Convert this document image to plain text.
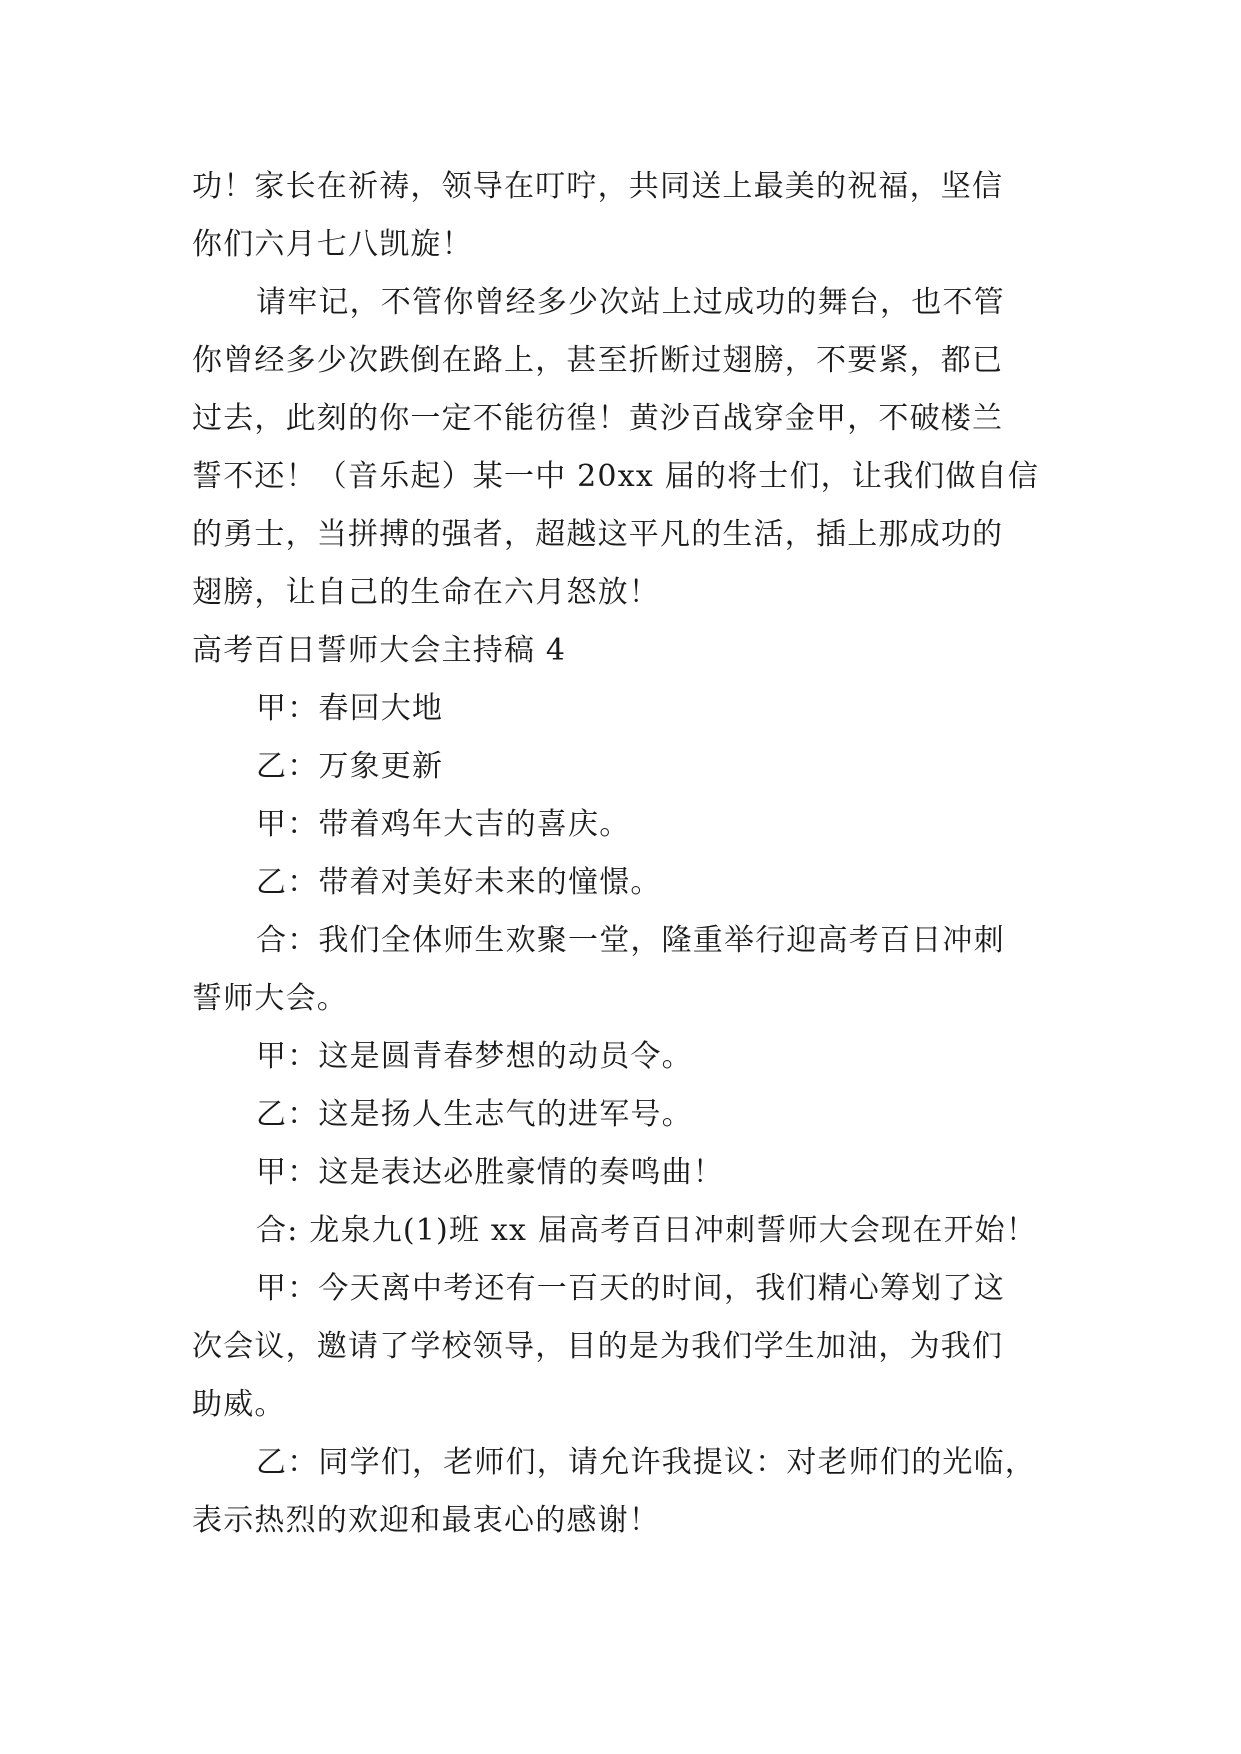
功！家长在祈祷，领导在叮咛，共同送上最美的祝福，坚信
你们六月七八凯旋！
请牢记，不管你曾经多少次站上过成功的舞台，也不管
你曾经多少次跌倒在路上，甚至折断过翅膀，不要紧，都已
过去，此刻的你一定不能彷徨！黄沙百战穿金甲，不破楼兰
誓不还！（音乐起）某一中 20xx 届的将士们，让我们做自信
的勇士，当拼搏的强者，超越这平凡的生活，插上那成功的
翅膀，让自己的生命在六月怒放！
高考百日誓师大会主持稿 4
甲：春回大地
乙：万象更新
甲：带着鸡年大吉的喜庆。
乙：带着对美好未来的憧憬。
合：我们全体师生欢聚一堂，隆重举行迎高考百日冲刺
誓师大会。
甲：这是圆青春梦想的动员令。
乙：这是扬人生志气的进军号。
甲：这是表达必胜豪情的奏鸣曲！
合: 龙泉九(1)班 xx 届高考百日冲刺誓师大会现在开始！
甲：今天离中考还有一百天的时间，我们精心筹划了这
次会议，邀请了学校领导，目的是为我们学生加油，为我们
助威。
乙：同学们，老师们，请允许我提议：对老师们的光临，
表示热烈的欢迎和最衷心的感谢！
